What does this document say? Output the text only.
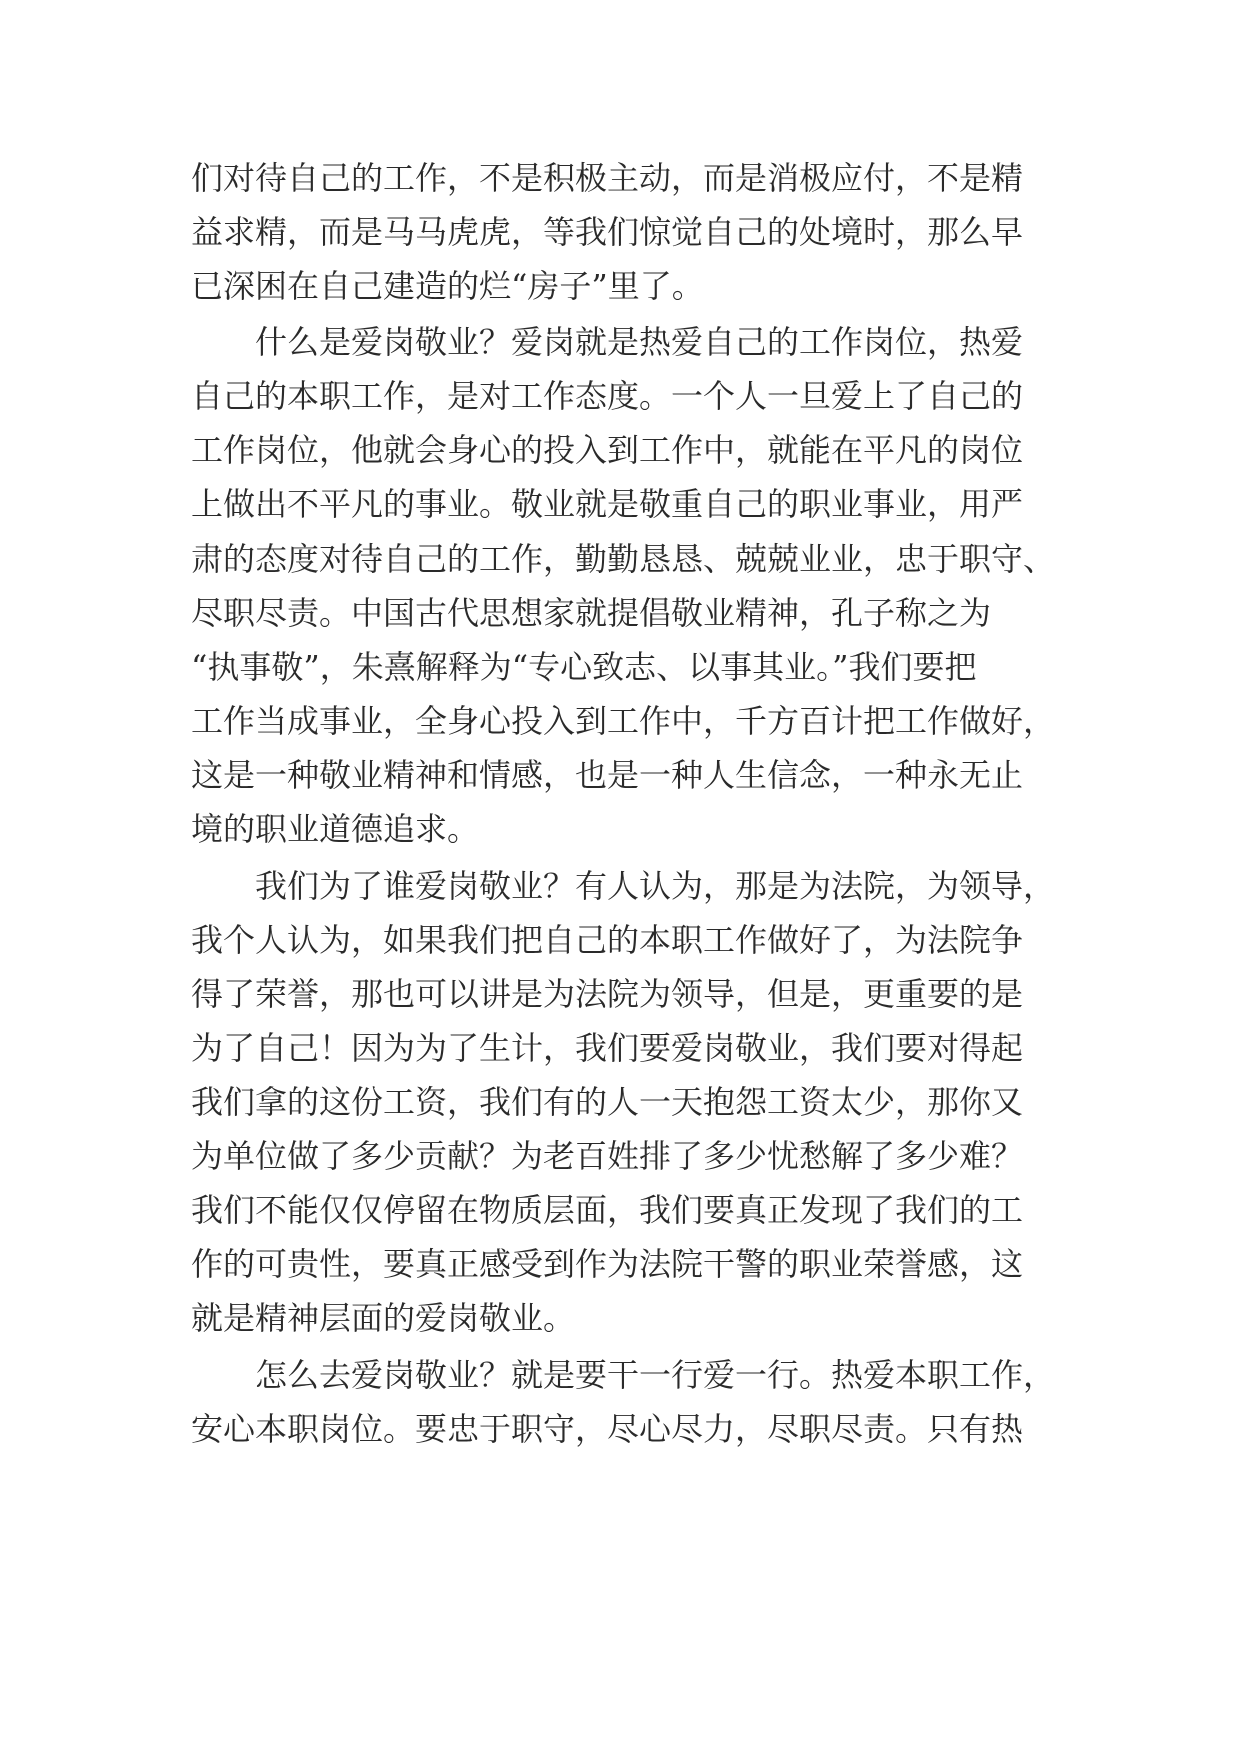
们对待自己的工作，不是积极主动，而是消极应付，不是精
益求精，而是马马虎虎，等我们惊觉自己的处境时，那么早
已深困在自己建造的烂“房子”里了。
什么是爱岗敬业？爱岗就是热爱自己的工作岗位，热爱
自己的本职工作，是对工作态度。一个人一旦爱上了自己的
工作岗位，他就会身心的投入到工作中，就能在平凡的岗位
上做出不平凡的事业。敬业就是敬重自己的职业事业，用严
肃的态度对待自己的工作，勤勤恳恳、兢兢业业，忠于职守、
尽职尽责。中国古代思想家就提倡敬业精神，孔子称之为
“执事敬”，朱熹解释为“专心致志、以事其业。”我们要把
工作当成事业，全身心投入到工作中，千方百计把工作做好，
这是一种敬业精神和情感，也是一种人生信念，一种永无止
境的职业道德追求。
我们为了谁爱岗敬业？有人认为，那是为法院，为领导，
我个人认为，如果我们把自己的本职工作做好了，为法院争
得了荣誉，那也可以讲是为法院为领导，但是，更重要的是
为了自己！因为为了生计，我们要爱岗敬业，我们要对得起
我们拿的这份工资，我们有的人一天抱怨工资太少，那你又
为单位做了多少贡献？为老百姓排了多少忧愁解了多少难？
我们不能仅仅停留在物质层面，我们要真正发现了我们的工
作的可贵性，要真正感受到作为法院干警的职业荣誉感，这
就是精神层面的爱岗敬业。
怎么去爱岗敬业？就是要干一行爱一行。热爱本职工作，
安心本职岗位。要忠于职守，尽心尽力，尽职尽责。只有热
